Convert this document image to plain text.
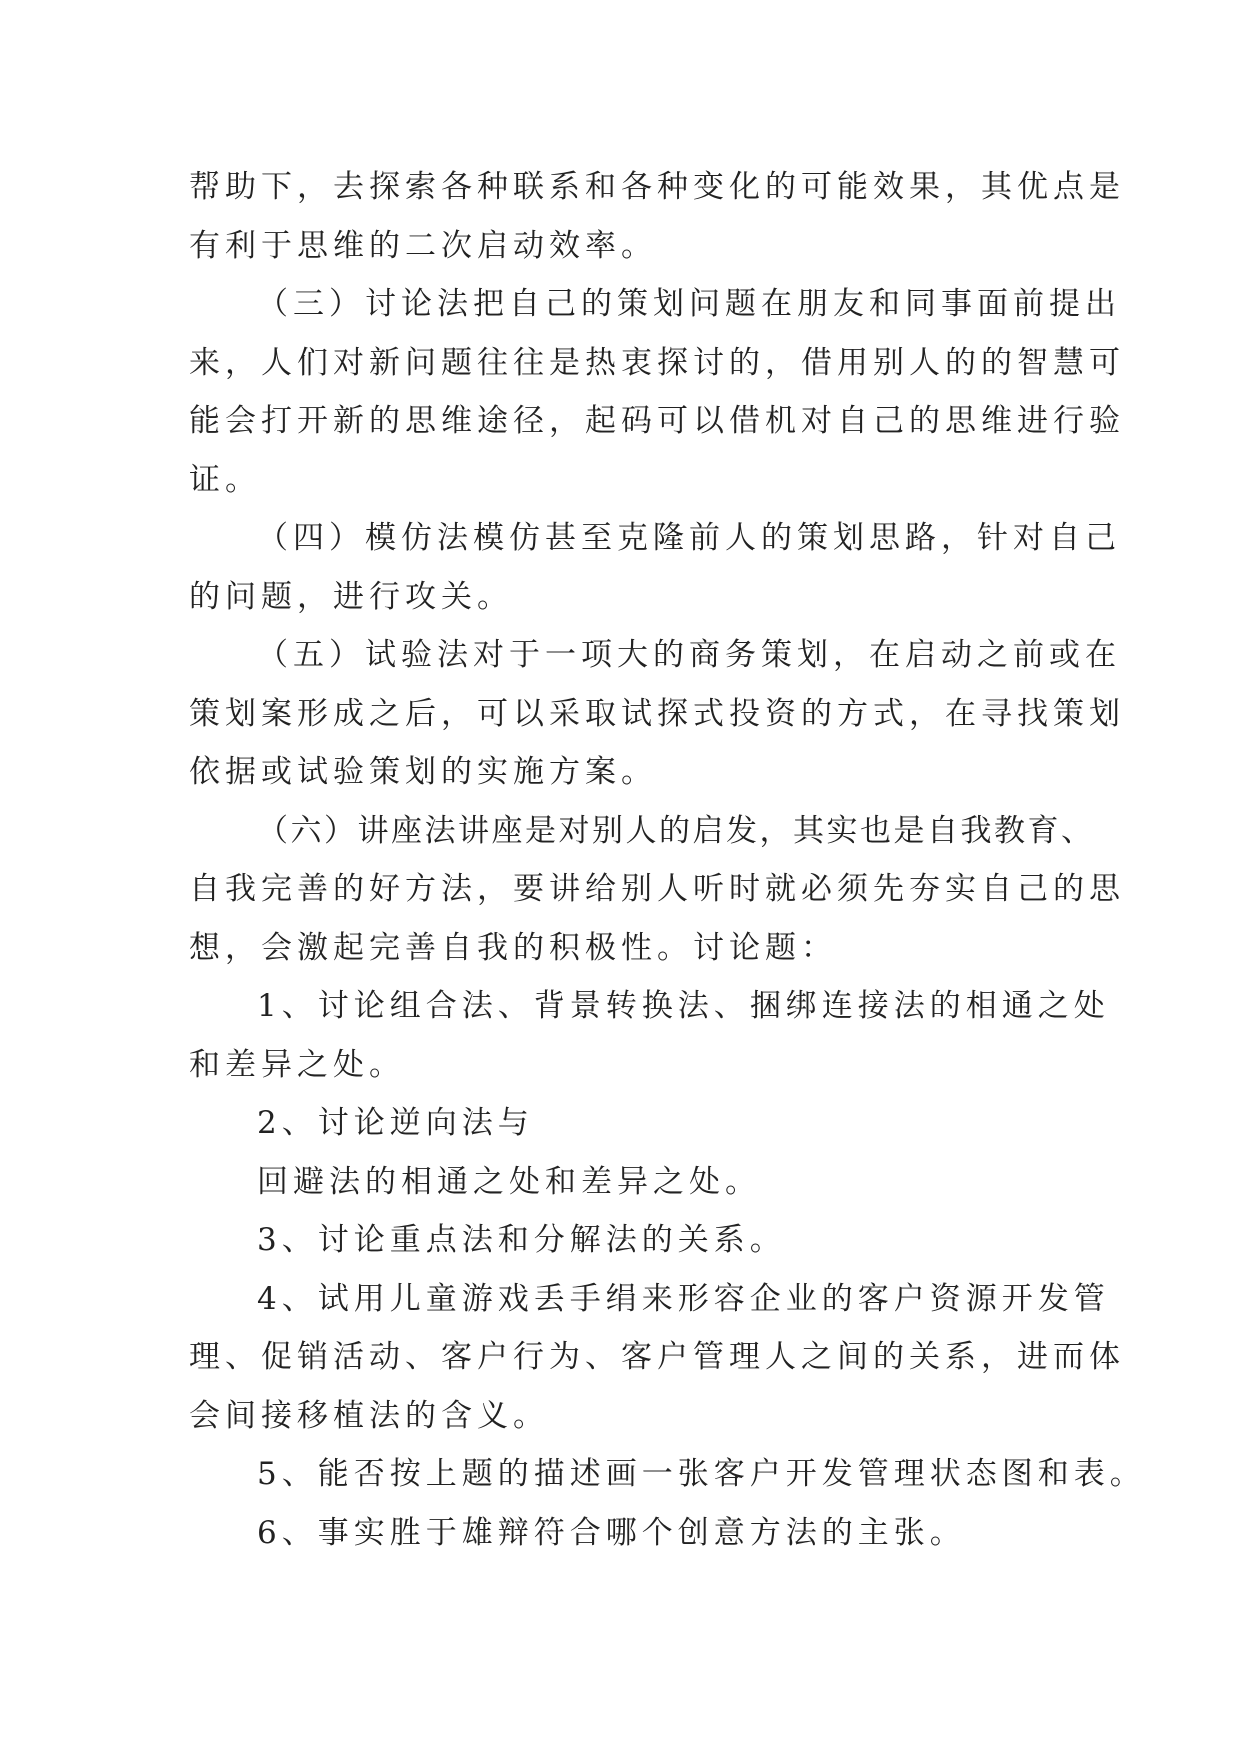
帮助下，去探索各种联系和各种变化的可能效果，其优点是
有利于思维的二次启动效率。
（三）讨论法把自己的策划问题在朋友和同事面前提出
来，人们对新问题往往是热衷探讨的，借用别人的的智慧可
能会打开新的思维途径，起码可以借机对自己的思维进行验
证。
（四）模仿法模仿甚至克隆前人的策划思路，针对自己
的问题，进行攻关。
（五）试验法对于一项大的商务策划，在启动之前或在
策划案形成之后，可以采取试探式投资的方式，在寻找策划
依据或试验策划的实施方案。
（六）讲座法讲座是对别人的启发，其实也是自我教育、
自我完善的好方法，要讲给别人听时就必须先夯实自己的思
想，会激起完善自我的积极性。讨论题：
1、讨论组合法、背景转换法、捆绑连接法的相通之处
和差异之处。
2、讨论逆向法与
回避法的相通之处和差异之处。
3、讨论重点法和分解法的关系。
4、试用儿童游戏丢手绢来形容企业的客户资源开发管
理、促销活动、客户行为、客户管理人之间的关系，进而体
会间接移植法的含义。
5、能否按上题的描述画一张客户开发管理状态图和表。
6、事实胜于雄辩符合哪个创意方法的主张。
